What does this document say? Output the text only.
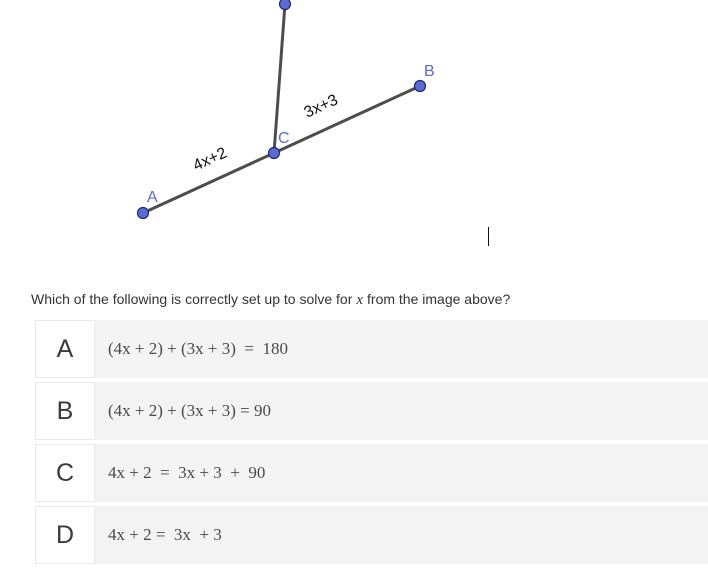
A
B
C
4x+2
3x+3
Which of the following is correctly set up to solve for x from the image above?
A	(4x + 2) + (3x + 3)  =  180
B	(4x + 2) + (3x + 3) = 90
C	4x + 2  =  3x + 3  +  90
D	4x + 2 =  3x  + 3
